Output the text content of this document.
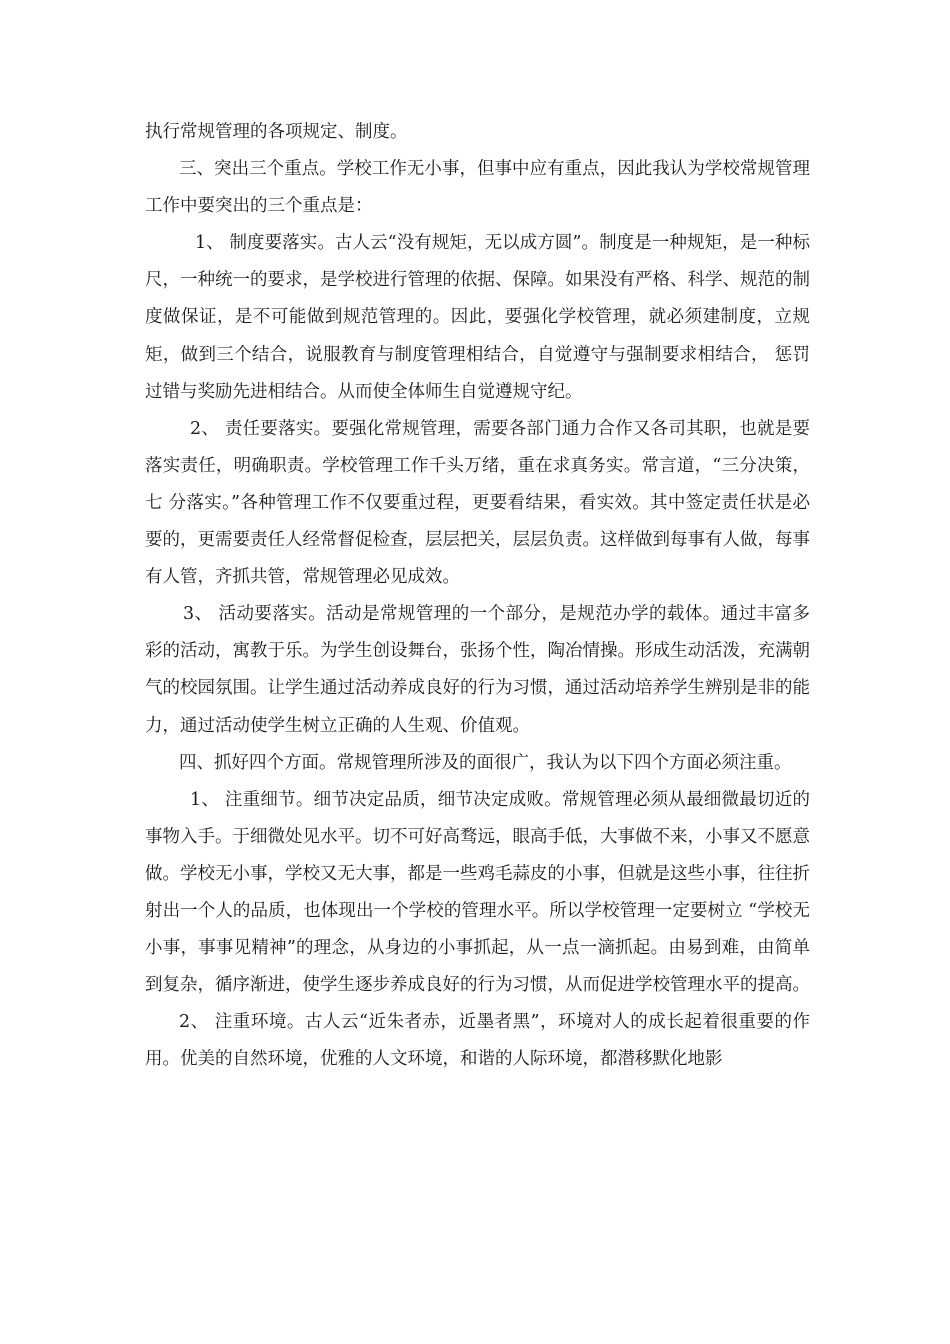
执行常规管理的各项规定、制度。

三、突出三个重点。学校工作无小事，但事中应有重点，因此我认为学校常规管理工作中要突出的三个重点是：

1、 制度要落实。古人云“没有规矩，无以成方圆”。制度是一种规矩，是一种标尺，一种统一的要求，是学校进行管理的依据、保障。如果没有严格、科学、规范的制度做保证，是不可能做到规范管理的。因此，要强化学校管理，就必须建制度，立规矩，做到三个结合，说服教育与制度管理相结合，自觉遵守与强制要求相结合， 惩罚过错与奖励先进相结合。从而使全体师生自觉遵规守纪。

2、 责任要落实。要强化常规管理，需要各部门通力合作又各司其职，也就是要落实责任，明确职责。学校管理工作千头万绪，重在求真务实。常言道，“三分决策，七 分落实。”各种管理工作不仅要重过程，更要看结果，看实效。其中签定责任状是必要的，更需要责任人经常督促检查，层层把关，层层负责。这样做到每事有人做，每事有人管，齐抓共管，常规管理必见成效。

3、 活动要落实。活动是常规管理的一个部分，是规范办学的载体。通过丰富多彩的活动，寓教于乐。为学生创设舞台，张扬个性，陶冶情操。形成生动活泼，充满朝气的校园氛围。让学生通过活动养成良好的行为习惯，通过活动培养学生辨别是非的能力，通过活动使学生树立正确的人生观、价值观。

四、抓好四个方面。常规管理所涉及的面很广，我认为以下四个方面必须注重。

1、 注重细节。细节决定品质，细节决定成败。常规管理必须从最细微最切近的事物入手。于细微处见水平。切不可好高骛远，眼高手低，大事做不来，小事又不愿意做。学校无小事，学校又无大事，都是一些鸡毛蒜皮的小事，但就是这些小事，往往折射出一个人的品质，也体现出一个学校的管理水平。所以学校管理一定要树立 “学校无小事，事事见精神”的理念，从身边的小事抓起，从一点一滴抓起。由易到难，由简单到复杂，循序渐进，使学生逐步养成良好的行为习惯，从而促进学校管理水平的提高。

2、 注重环境。古人云“近朱者赤，近墨者黑”，环境对人的成长起着很重要的作用。优美的自然环境，优雅的人文环境，和谐的人际环境，都潜移默化地影
